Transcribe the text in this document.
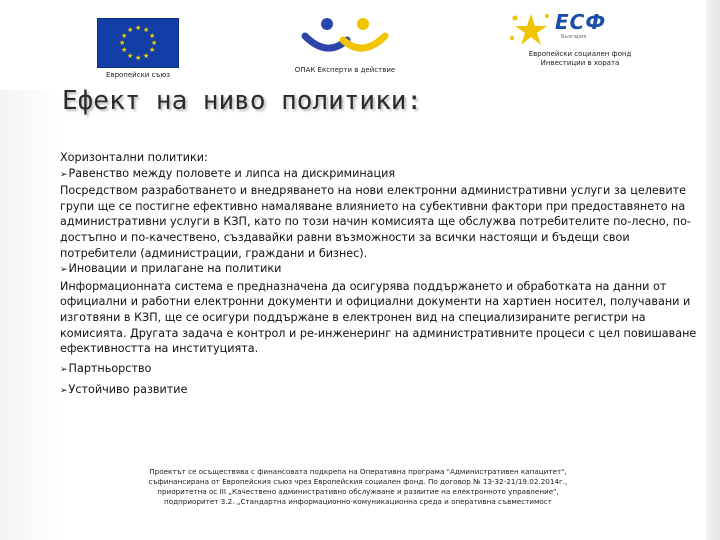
★ ★
★
★
★
★
★
★
★
★
★
★
Европейски съюз
ОПАК Експерти в действие
ЕСФ
България
Европейски социален фонд
Инвестиции в хората
Ефект на ниво политики:

Хоризонтални политики:

➢ Равенство между половете и липса на дискриминация

Посредством разработването и внедряването на нови електронни административни услуги за целевите групи ще се постигне ефективно намаляване влиянието на субективни фактори при предоставянето на административни услуги в КЗП, като по този начин комисията ще обслужва потребителите по-лесно, по-достъпно и по-качествено, създавайки равни възможности за всички настоящи и бъдещи свои потребители (администрации, граждани и бизнес).

➢ Иновации и прилагане на политики

Информационната система е предназначена да осигурява поддържането и обработката на данни от официални и работни електронни документи и официални документи на хартиен носител, получавани и изготвяни в КЗП, ще се осигури поддържане в електронен вид на специализираните регистри на комисията. Другата задача е контрол и ре-инженеринг на административните процеси с цел повишаване ефективността на институцията.

➢ Партньорство

➢ Устойчиво развитие

Проектът се осъществява с финансовата подкрепа на Оперативна програма "Административен капацитет",
съфинансирана от Европейския съюз чрез Европейския социален фонд. По договор № 13-32-21/19.02.2014г.,
приоритетна ос III „Качествено административно обслужване и развитие на електронното управление",
подприоритет 3.2. „Стандартна информационно-комуникационна среда и оперативна съвместимост
